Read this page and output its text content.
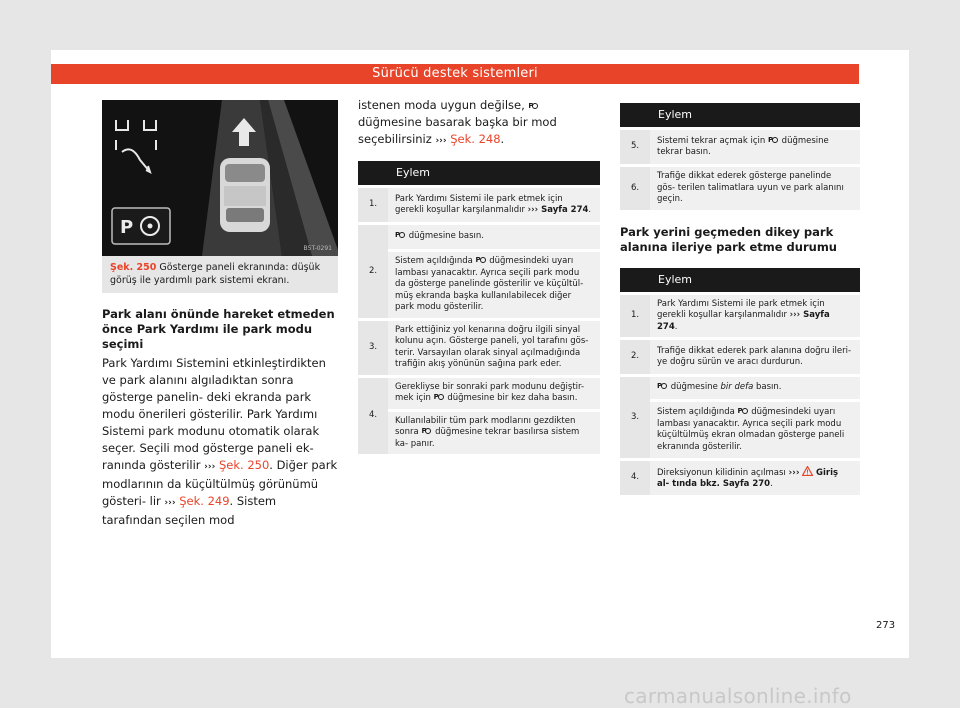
Sürücü destek sistemleri
P
B5T-0291
Şek. 250 Gösterge paneli ekranında: düşük görüş ile yardımlı park sistemi ekranı.
Park alanı önünde hareket etmeden önce Park Yardımı ile park modu seçimi

Park Yardımı Sistemini etkinleştirdikten ve park alanını algıladıktan sonra gösterge panelin- deki ekranda park modu önerileri gösterilir. Park Yardımı Sistemi park modunu otomatik olarak seçer. Seçili mod gösterge paneli ek- ranında gösterilir ››› Şek. 250. Diğer park modlarının da küçültülmüş görünümü gösteri- lir ››› Şek. 249. Sistem tarafından seçilen mod

istenen moda uygun değilse, P
düğmesine basarak başka bir mod seçebilirsiniz ››› Şek. 248.

	Eylem
1.	Park Yardımı Sistemi ile park etmek için gerekli koşullar karşılanmalıdır ››› Sayfa 274.
2.	P düğmesine basın.
	Sistem açıldığında P düğmesindeki uyarı lambası yanacaktır. Ayrıca seçili park modu da gösterge panelinde gösterilir ve küçültül- müş ekranda başka kullanılabilecek diğer park modu gösterilir.
3.	Park ettiğiniz yol kenarına doğru ilgili sinyal kolunu açın. Gösterge paneli, yol tarafını gös- terir. Varsayılan olarak sinyal açılmadığında trafiğin akış yönünün sağına park eder.
4.	Gerekliyse bir sonraki park modunu değiştir- mek için P düğmesine bir kez daha basın.
	Kullanılabilir tüm park modlarını gezdikten sonra P düğmesine tekrar basılırsa sistem ka- panır.
	Eylem
5.	Sistemi tekrar açmak için P düğmesine tekrar basın.
6.	Trafiğe dikkat ederek gösterge panelinde gös- terilen talimatlara uyun ve park alanını geçin.
Park yerini geçmeden dikey park alanına ileriye park etme durumu
	Eylem
1.	Park Yardımı Sistemi ile park etmek için gerekli koşullar karşılanmalıdır ››› Sayfa 274.
2.	Trafiğe dikkat ederek park alanına doğru ileri- ye doğru sürün ve aracı durdurun.
3.	P düğmesine bir defa basın.
	Sistem açıldığında P düğmesindeki uyarı lambası yanacaktır. Ayrıca seçili park modu küçültülmüş ekran olmadan gösterge paneli ekranında gösterilir.
4.	Direksiyonun kilidinin açılması ››› Giriş al- tında bkz. Sayfa 270.
273
carmanualsonline.info
